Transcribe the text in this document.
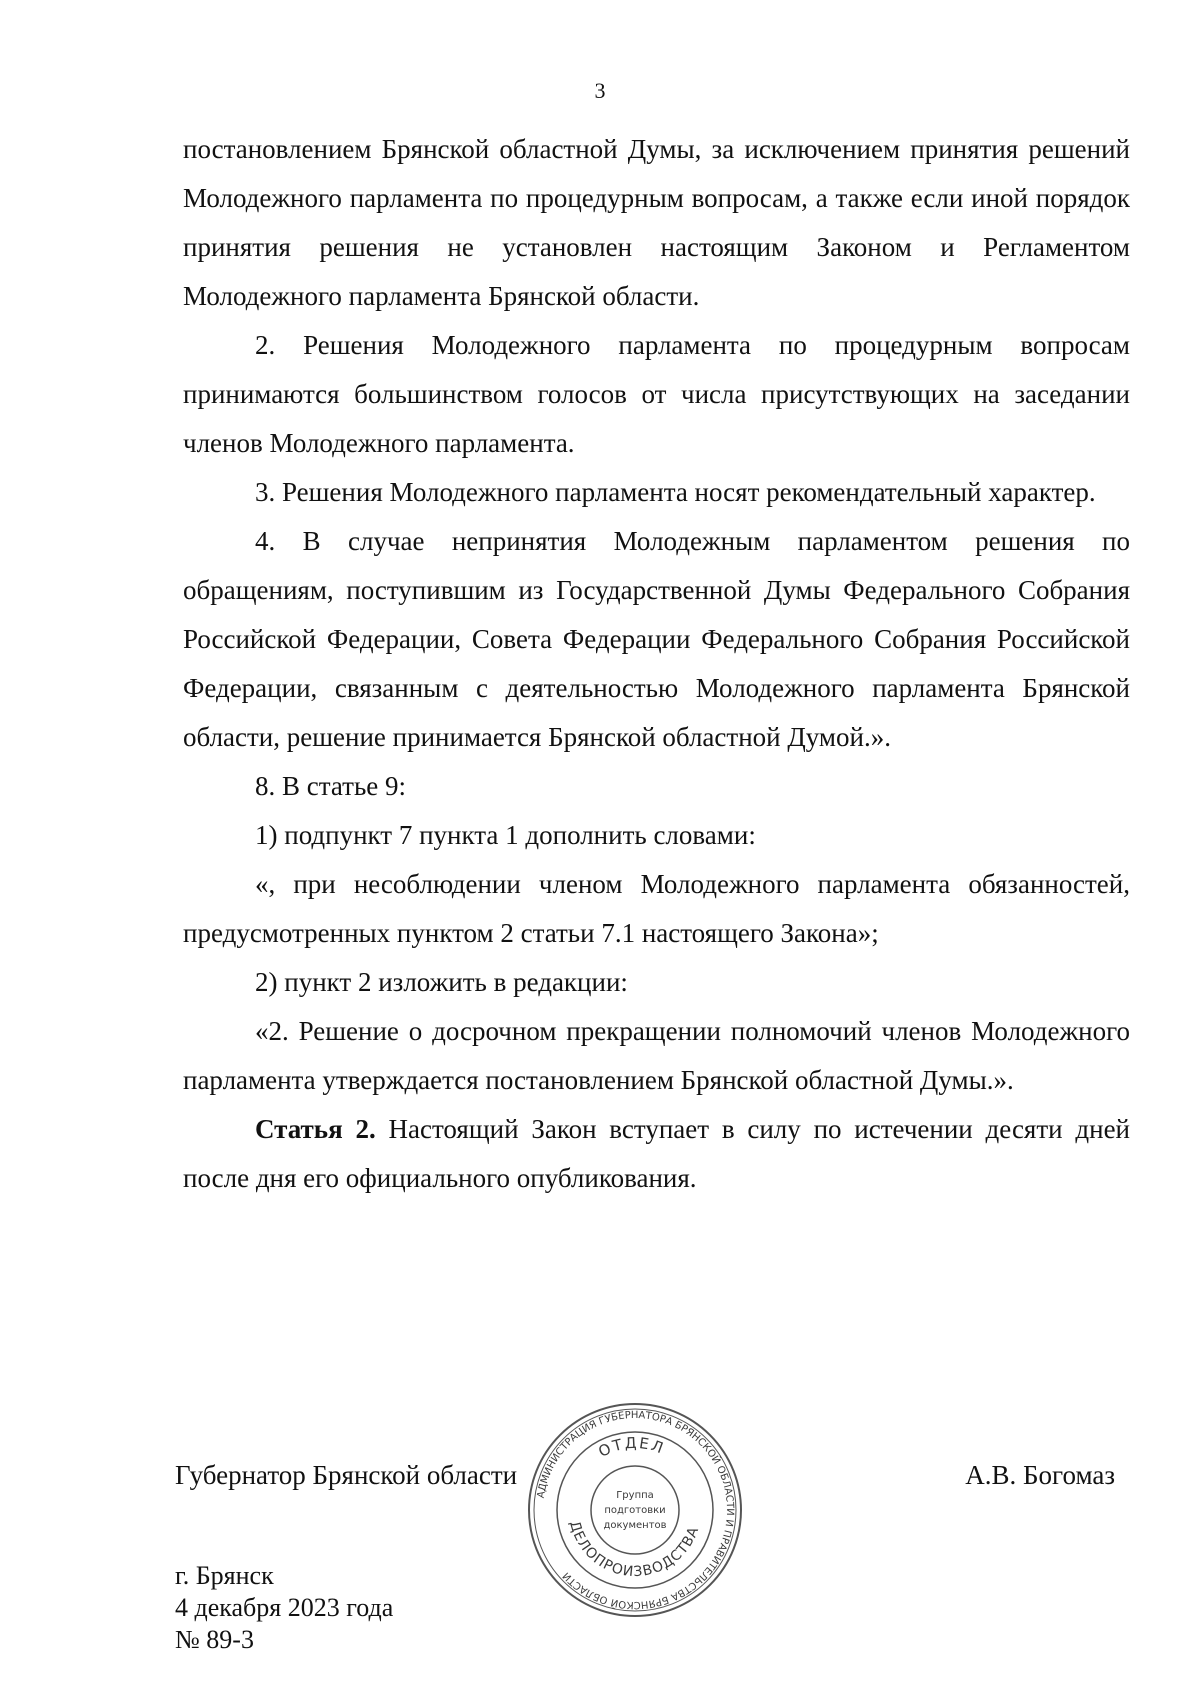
3

постановлением Брянской областной Думы, за исключением принятия решений Молодежного парламента по процедурным вопросам, а также если иной порядок принятия решения не установлен настоящим Законом и Регламентом Молодежного парламента Брянской области.

2. Решения Молодежного парламента по процедурным вопросам принимаются большинством голосов от числа присутствующих на заседании членов Молодежного парламента.

3. Решения Молодежного парламента носят рекомендательный характер.

4. В случае непринятия Молодежным парламентом решения по обращениям, поступившим из Государственной Думы Федерального Собрания Российской Федерации, Совета Федерации Федерального Собрания Российской Федерации, связанным с деятельностью Молодежного парламента Брянской области, решение принимается Брянской областной Думой.».

8. В статье 9:

1) подпункт 7 пункта 1 дополнить словами:

«, при несоблюдении членом Молодежного парламента обязанностей, предусмотренных пунктом 2 статьи 7.1 настоящего Закона»;

2) пункт 2 изложить в редакции:

«2. Решение о досрочном прекращении полномочий членов Молодежного парламента утверждается постановлением Брянской областной Думы.».

Статья 2. Настоящий Закон вступает в силу по истечении десяти дней после дня его официального опубликования.

Губернатор Брянской области	А.В. Богомаз
АДМИНИСТРАЦИЯ ГУБЕРНАТОРА БРЯНСКОЙ ОБЛАСТИ И ПРАВИТЕЛЬСТВА БРЯНСКОЙ ОБЛАСТИ
ОТДЕЛ
ДЕЛОПРОИЗВОДСТВА
Группа
подготовки
документов
г. Брянск
4 декабря 2023 года
№ 89-3
